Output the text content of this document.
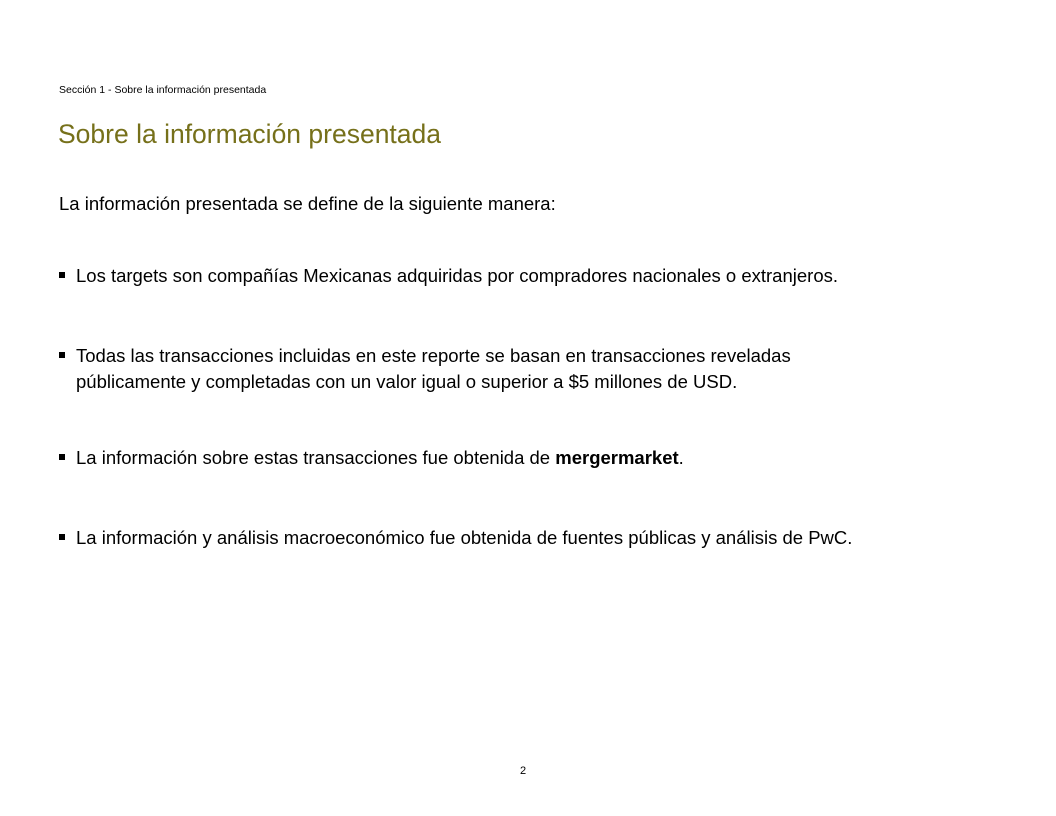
Sección 1 - Sobre la información presentada
Sobre la información presentada
La información presentada se define de la siguiente manera:
Los targets son compañías Mexicanas adquiridas por compradores nacionales o extranjeros.
Todas las transacciones incluidas en este reporte se basan en transacciones reveladas
públicamente y completadas con un valor igual o superior a $5 millones de USD.
La información sobre estas transacciones fue obtenida de mergermarket.
La información y análisis macroeconómico fue obtenida de fuentes públicas y análisis de PwC.
2
